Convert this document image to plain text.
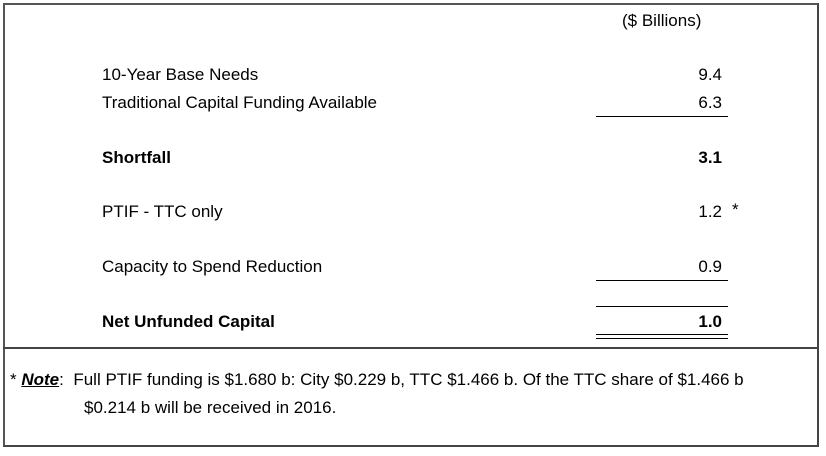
($ Billions)
10-Year Base Needs	9.4
Traditional Capital Funding Available	6.3
Shortfall	3.1
PTIF - TTC only	1.2 *
Capacity to Spend Reduction	0.9
Net Unfunded Capital	1.0
* Note: Full PTIF funding is $1.680 b: City $0.229 b, TTC $1.466 b. Of the TTC share of $1.466 b
$0.214 b will be received in 2016.
